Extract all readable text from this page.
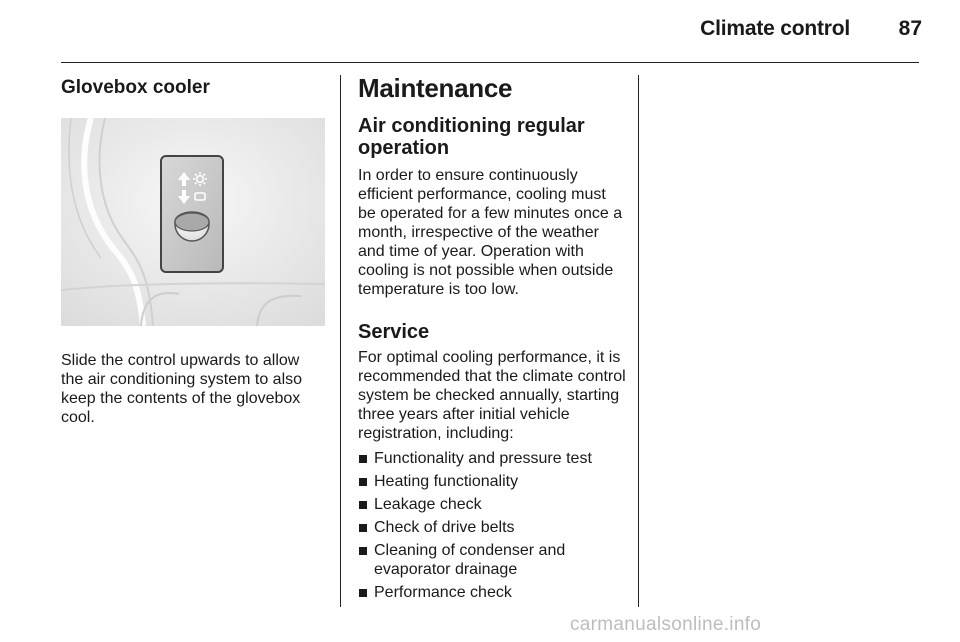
Climate control	87
Glovebox cooler

Slide the control upwards to allow the air conditioning system to also keep the contents of the glovebox cool.

Maintenance
Air conditioning regular operation

In order to ensure continuously efficient performance, cooling must be operated for a few minutes once a month, irrespective of the weather and time of year. Operation with cooling is not possible when outside temperature is too low.

Service

For optimal cooling performance, it is recommended that the climate control system be checked annually, starting three years after initial vehicle registration, including:

Functionality and pressure test
Heating functionality
Leakage check
Check of drive belts
Cleaning of condenser and evaporator drainage
Performance check
carmanualsonline.info
